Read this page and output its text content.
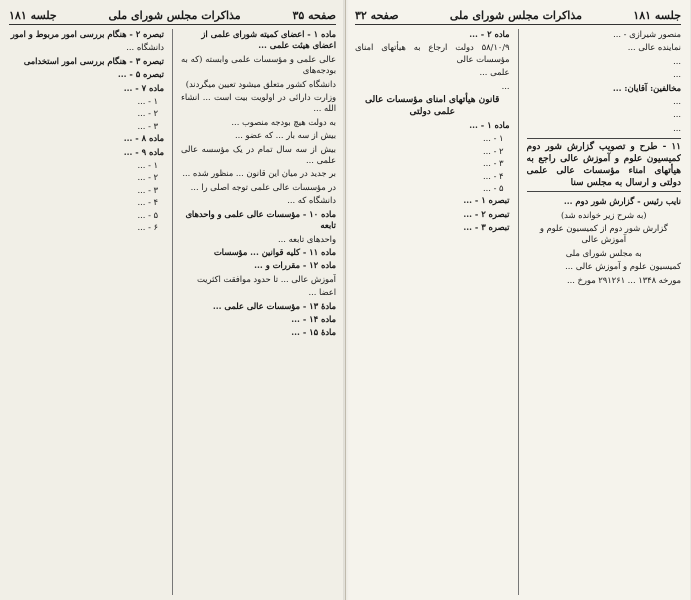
صفحه ۳۵
مذاکرات مجلس شورای ملی
جلسه ۱۸۱

ماده ۱ - اعضای کمیته شورای علمی از اعضای هیئت علمی ...

عالی علمی و مؤسسات علمی وابسته (که به بودجه‌های

دانشگاه کشور متعلق میشود تعیین میگردند)

وزارت دارائی در اولویت بیت است ... انشاء الله ...

به دولت هیچ بودجه منصوب ...

بیش از سه بار ... که عضو ...

بیش از سه سال تمام در یک مؤسسه عالی علمی ...

بر جدید در میان این قانون ... منظور شده ...

در مؤسسات عالی علمی توجه اصلی را ...

دانشگاه که ...

ماده ۱۰ - مؤسسات عالی علمی و واحدهای تابعه

واحدهای تابعه ...

ماده ۱۱ - کلیه قوانین ... مؤسسات

ماده ۱۲ - مقررات و ...

آموزش عالی ... تا حدود موافقت اکثریت

اعضا ...

مادهٔ ۱۳ - مؤسسات عالی علمی ...

ماده ۱۴ - ...

مادهٔ ۱۵ - ...

تبصره ۲ - هنگام بررسی امور مربوط و امور

دانشگاه ...

تبصره ۳ - هنگام بررسی امور استخدامی

تبصره ۵ - ...

ماده ۷ - ...

۱ - ...

۲ - ...

۳ - ...

ماده ۸ - ...

ماده ۹ - ...

۱ - ...

۲ - ...

۳ - ...

۴ - ...

۵ - ...

۶ - ...

جلسه ۱۸۱
مذاکرات مجلس شورای ملی
صفحه ۳۲

منصور شیرازی - ...

نماینده عالی ...

...

...

مخالفین: آقایان: ...

...

...

...

۱۱ - طرح و تصویب گزارش شور دوم کمیسیون علوم و آموزش عالی راجع به هیأتهای امناء مؤسسات عالی علمی دولتی و ارسال به مجلس سنا

نایب رئیس - گزارش شور دوم ...

(به شرح زیر خوانده شد)

گزارش شور دوم از کمیسیون علوم و آموزش عالی

به مجلس شورای ملی

کمیسیون علوم و آموزش عالی ...

مورخه ۱۳۴۸ ... ۲۹۱۲۶۱ مورخ ...

ماده ۲ - ...

۵۸/۱۰/۹ دولت ارجاع به هیأتهای امنای مؤسسات عالی

علمی ...

...

قانون هیأتهای امنای مؤسسات عالی علمی دولتی

ماده ۱ - ...

۱ - ...

۲ - ...

۳ - ...

۴ - ...

۵ - ...

تبصره ۱ - ...

تبصره ۲ - ...

تبصره ۳ - ...
